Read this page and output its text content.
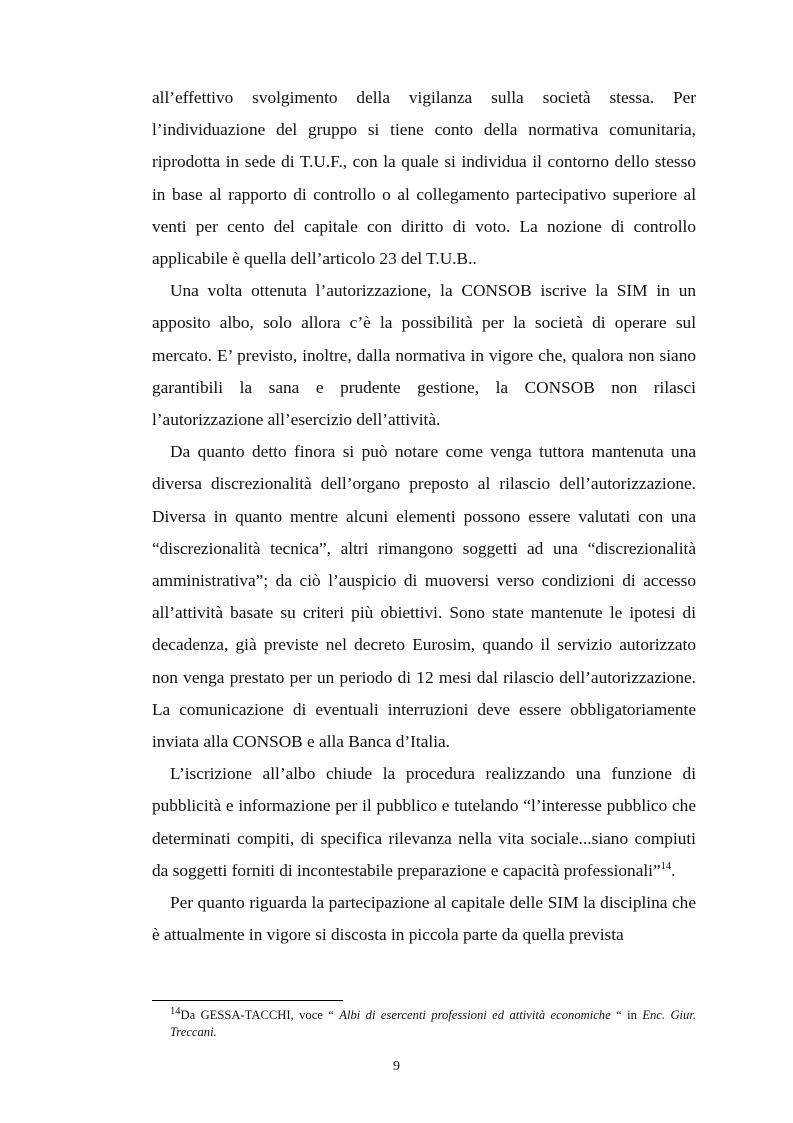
all’effettivo svolgimento della vigilanza sulla società stessa. Per l’individuazione del gruppo si tiene conto della normativa comunitaria, riprodotta in sede di T.U.F., con la quale si individua il contorno dello stesso in base al rapporto di controllo o al collegamento partecipativo superiore al venti per cento del capitale con diritto di voto. La nozione di controllo applicabile è quella dell’articolo 23 del T.U.B..

Una volta ottenuta l’autorizzazione, la CONSOB iscrive la SIM in un apposito albo, solo allora c’è la possibilità per la società di operare sul mercato. E’ previsto, inoltre, dalla normativa in vigore che, qualora non siano garantibili la sana e prudente gestione, la CONSOB non rilasci l’autorizzazione all’esercizio dell’attività.

Da quanto detto finora si può notare come venga tuttora mantenuta una diversa discrezionalità dell’organo preposto al rilascio dell’autorizzazione. Diversa in quanto mentre alcuni elementi possono essere valutati con una “discrezionalità tecnica”, altri rimangono soggetti ad una “discrezionalità amministrativa”; da ciò l’auspicio di muoversi verso condizioni di accesso all’attività basate su criteri più obiettivi. Sono state mantenute le ipotesi di decadenza, già previste nel decreto Eurosim, quando il servizio autorizzato non venga prestato per un periodo di 12 mesi dal rilascio dell’autorizzazione. La comunicazione di eventuali interruzioni deve essere obbligatoriamente inviata alla CONSOB e alla Banca d’Italia.

L’iscrizione all’albo chiude la procedura realizzando una funzione di pubblicità e informazione per il pubblico e tutelando “l’interesse pubblico che determinati compiti, di specifica rilevanza nella vita sociale...siano compiuti da soggetti forniti di incontestabile preparazione e capacità professionali”$^{14}$.

Per quanto riguarda la partecipazione al capitale delle SIM la disciplina che è attualmente in vigore si discosta in piccola parte da quella prevista

$^{14}$Da GESSA-TACCHI, voce “ Albi di esercenti professioni ed attività economiche “ in Enc. Giur. Treccani.
9
